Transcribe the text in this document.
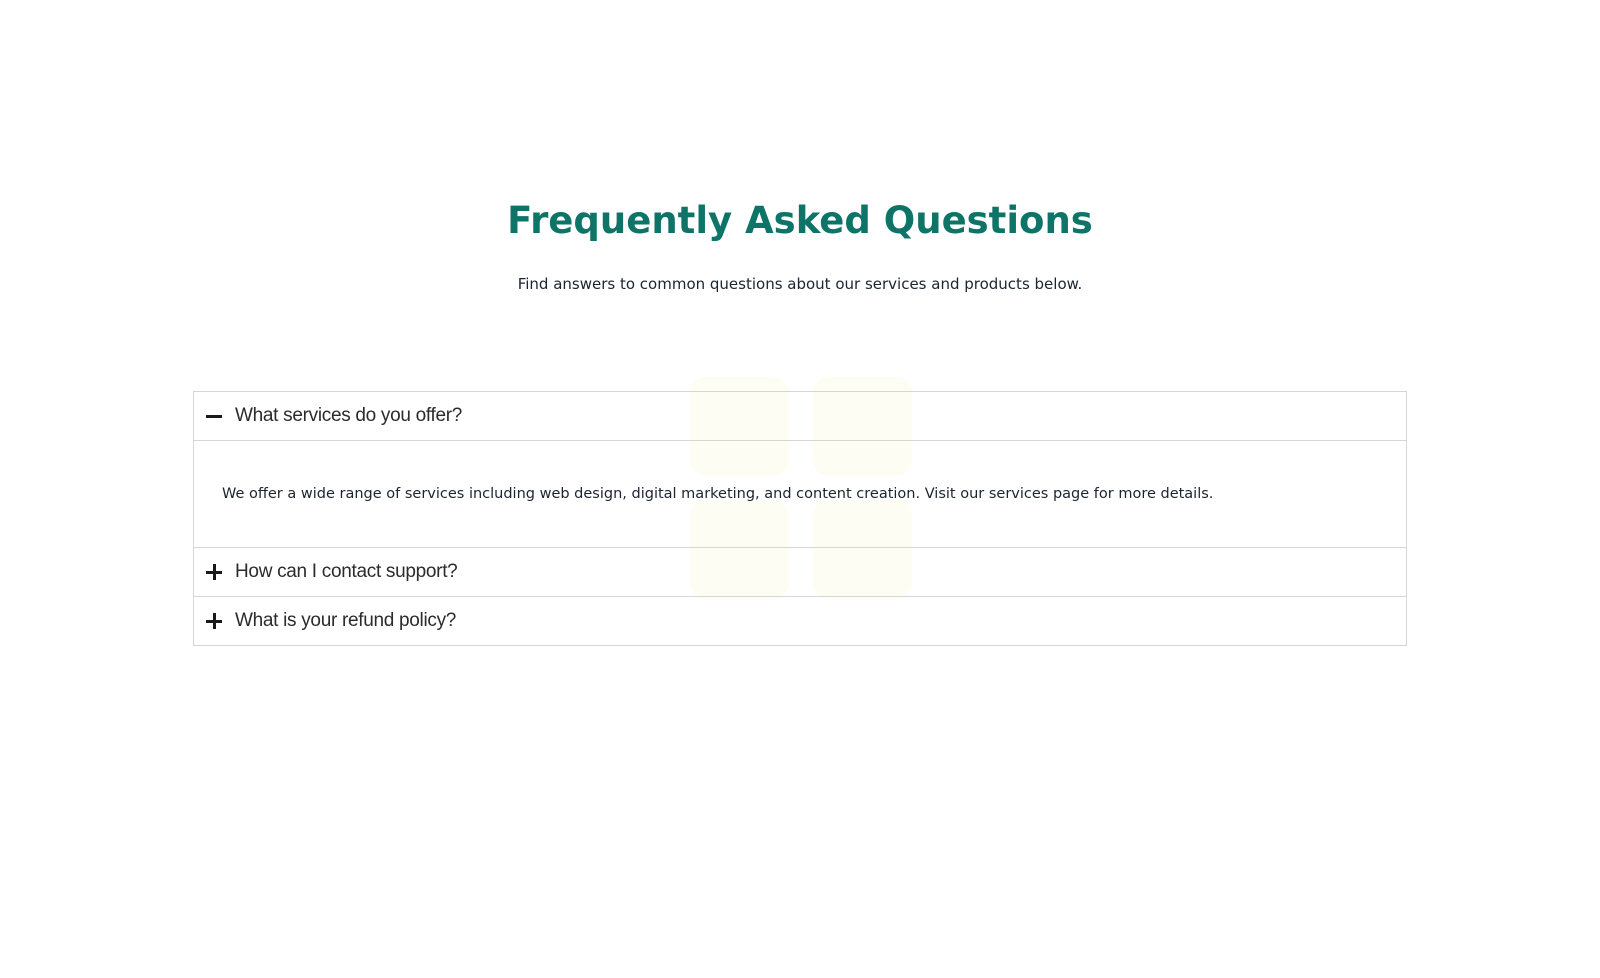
Frequently Asked Questions

Find answers to common questions about our services and products below.

What services do you offer?

We offer a wide range of services including web design, digital marketing, and content creation. Visit our services page for more details.

How can I contact support?
What is your refund policy?
